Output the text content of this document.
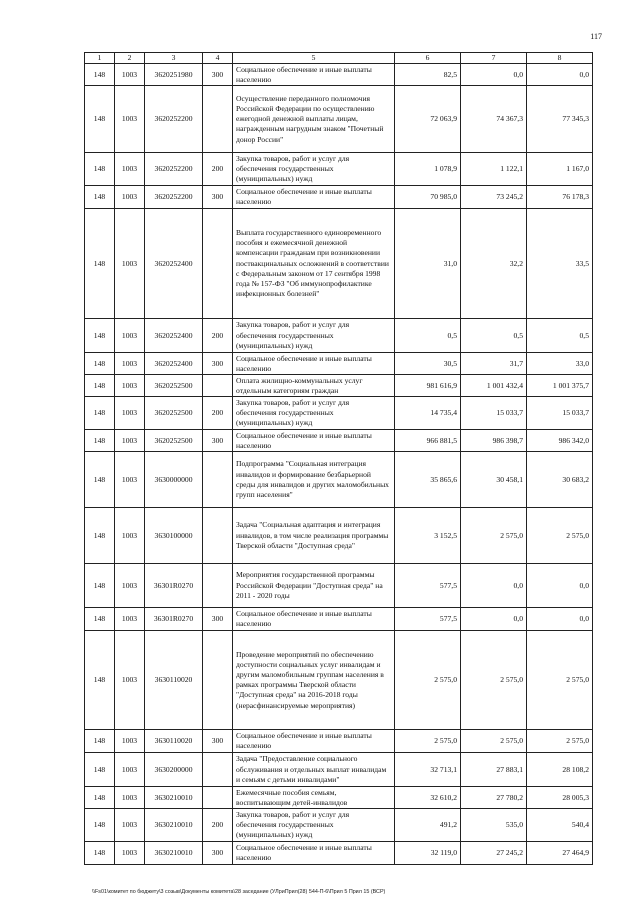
117
1	2	3	4	5	6	7	8
148	1003	3620251980	300	Социальное обеспечение и иные выплаты населению	82,5	0,0	0,0
148	1003	3620252200		Осуществление переданного полномочия Российской Федерации по осуществлению ежегодной денежной выплаты лицам, награжденным нагрудным знаком "Почетный донор России"	72 063,9	74 367,3	77 345,3
148	1003	3620252200	200	Закупка товаров, работ и услуг для обеспечения государственных (муниципальных) нужд	1 078,9	1 122,1	1 167,0
148	1003	3620252200	300	Социальное обеспечение и иные выплаты населению	70 985,0	73 245,2	76 178,3
148	1003	3620252400		Выплата государственного единовременного пособия и ежемесячной денежной компенсации гражданам при возникновении поствакцинальных осложнений в соответствии с Федеральным законом от 17 сентября 1998 года № 157-ФЗ "Об иммунопрофилактике инфекционных болезней"	31,0	32,2	33,5
148	1003	3620252400	200	Закупка товаров, работ и услуг для обеспечения государственных (муниципальных) нужд	0,5	0,5	0,5
148	1003	3620252400	300	Социальное обеспечение и иные выплаты населению	30,5	31,7	33,0
148	1003	3620252500		Оплата жилищно-коммунальных услуг отдельным категориям граждан	981 616,9	1 001 432,4	1 001 375,7
148	1003	3620252500	200	Закупка товаров, работ и услуг для обеспечения государственных (муниципальных) нужд	14 735,4	15 033,7	15 033,7
148	1003	3620252500	300	Социальное обеспечение и иные выплаты населению	966 881,5	986 398,7	986 342,0
148	1003	3630000000		Подпрограмма "Социальная интеграция инвалидов и формирование безбарьерной среды для инвалидов и других маломобильных групп населения"	35 865,6	30 458,1	30 683,2
148	1003	3630100000		Задача "Социальная адаптация и интеграция инвалидов, в том числе реализация программы Тверской области "Доступная среда"	3 152,5	2 575,0	2 575,0
148	1003	36301R0270		Мероприятия государственной программы Российской Федерации "Доступная среда" на 2011 - 2020 годы	577,5	0,0	0,0
148	1003	36301R0270	300	Социальное обеспечение и иные выплаты населению	577,5	0,0	0,0
148	1003	3630110020		Проведение мероприятий по обеспечению доступности социальных услуг инвалидам и другим маломобильным группам населения в рамках программы Тверской области "Доступная среда" на 2016-2018 годы (нерасфинансируемые мероприятия)	2 575,0	2 575,0	2 575,0
148	1003	3630110020	300	Социальное обеспечение и иные выплаты населению	2 575,0	2 575,0	2 575,0
148	1003	3630200000		Задача "Предоставление социального обслуживания и отдельных выплат инвалидам и семьям с детьми инвалидами"	32 713,1	27 883,1	28 108,2
148	1003	3630210010		Ежемесячные пособия семьям, воспитывающим детей-инвалидов	32 610,2	27 780,2	28 005,3
148	1003	3630210010	200	Закупка товаров, работ и услуг для обеспечения государственных (муниципальных) нужд	491,2	535,0	540,4
148	1003	3630210010	300	Социальное обеспечение и иные выплаты населению	32 119,0	27 245,2	27 464,9
\\Fs01\комитет по бюджету\3 созыв\Документы комитета\28 заседание (УЛриПрил(28) 544-П-6\Прил 5 Прил 15 (ВСР)
